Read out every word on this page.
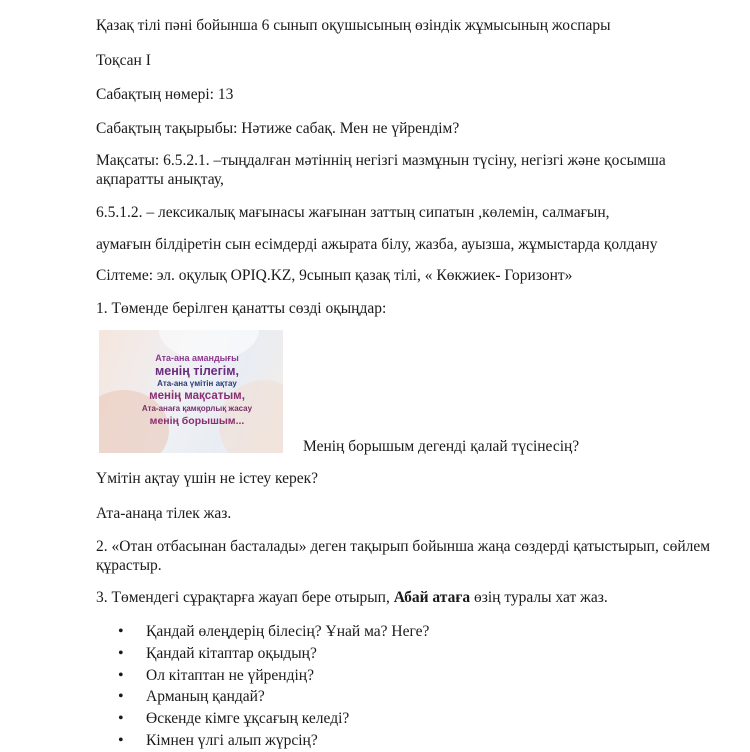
Қазақ тілі пәні бойынша 6 сынып оқушысының өзіндік жұмысының жоспары
Тоқсан I
Сабақтың нөмері: 13
Сабақтың тақырыбы: Нәтиже сабақ. Мен не үйрендім?
Мақсаты: 6.5.2.1. –тыңдалған мәтіннің негізгі мазмұнын түсіну, негізгі және қосымша ақпаратты анықтау,
6.5.1.2. – лексикалық мағынасы жағынан заттың сипатын ,көлемін, салмағын,
аумағын білдіретін сын есімдерді ажырата білу, жазба, ауызша, жұмыстарда қолдану
Сілтеме: эл. оқулық OPIQ.KZ, 9сынып қазақ тілі, « Көкжиек- Горизонт»
1. Төменде берілген қанатты сөзді оқыңдар:
Ата-ана амандығы
менің тілегім,
Ата-ана үмітін ақтау
менің мақсатым,
Ата-анаға қамқорлық жасау
менің борышым...
Менің борышым дегенді қалай түсінесің?
Үмітін ақтау үшін не істеу керек?
Ата-анаңа тілек жаз.
2. «Отан отбасынан басталады» деген тақырып бойынша жаңа сөздерді қатыстырып, сөйлем құрастыр.
3. Төмендегі сұрақтарға жауап бере отырып, Абай атаға өзің туралы хат жаз.
• Қандай өлеңдерің білесің? Ұнай ма? Неге?
• Қандай кітаптар оқыдың?
• Ол кітаптан не үйрендің?
• Арманың қандай?
• Өскенде кімге ұқсағың келеді?
• Кімнен үлгі алып жүрсің?
